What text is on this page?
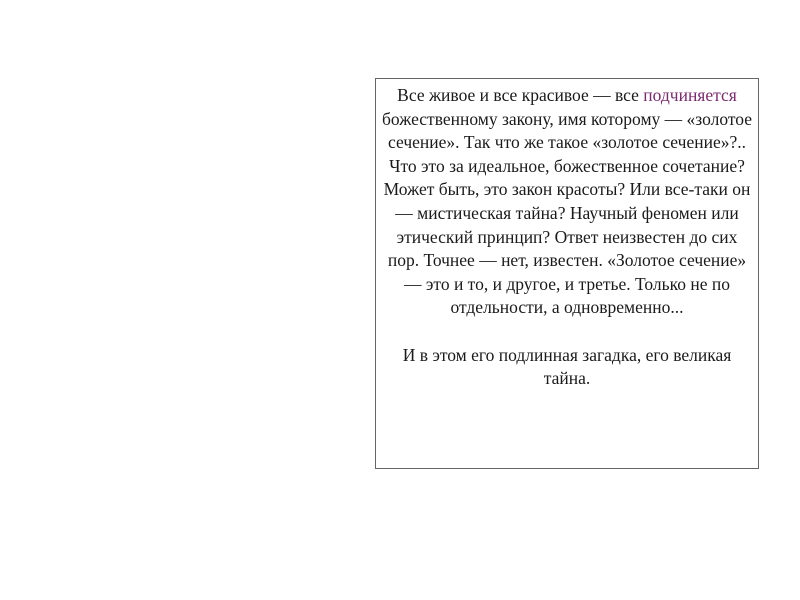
Все живое и все красивое — все подчиняется божественному закону, имя которому — «золотое сечение». Так что же такое «золотое сечение»?.. Что это за идеальное, божественное сочетание? Может быть, это закон красоты? Или все-таки он — мистическая тайна? Научный феномен или этический принцип? Ответ неизвестен до сих пор. Точнее — нет, известен. «Золотое сечение» — это и то, и другое, и третье. Только не по отдельности, а одновременно...

И в этом его подлинная загадка, его великая тайна.
